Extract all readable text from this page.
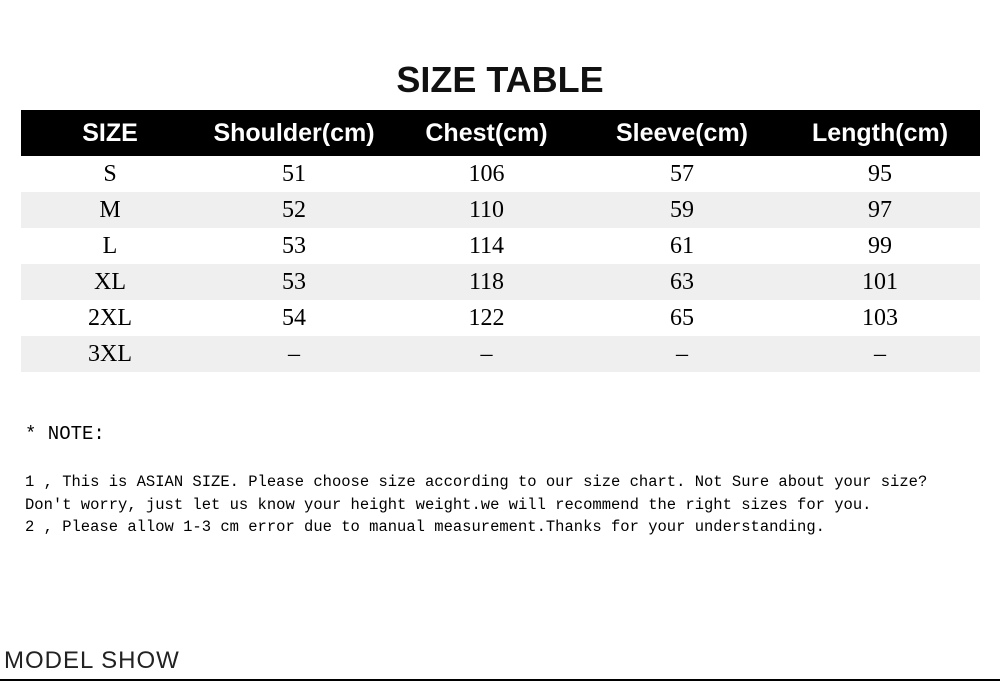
SIZE TABLE
SIZE	Shoulder(cm)	Chest(cm)	Sleeve(cm)	Length(cm)
S	51	106	57	95
M	52	110	59	97
L	53	114	61	99
XL	53	118	63	101
2XL	54	122	65	103
3XL	–	–	–	–
* NOTE:

1 , This is ASIAN SIZE. Please choose size according to our size chart. Not Sure about your size? Don't worry, just let us know your height weight.we will recommend the right sizes for you.

2 , Please allow 1-3 cm error due to manual measurement.Thanks for your understanding.

MODEL SHOW
